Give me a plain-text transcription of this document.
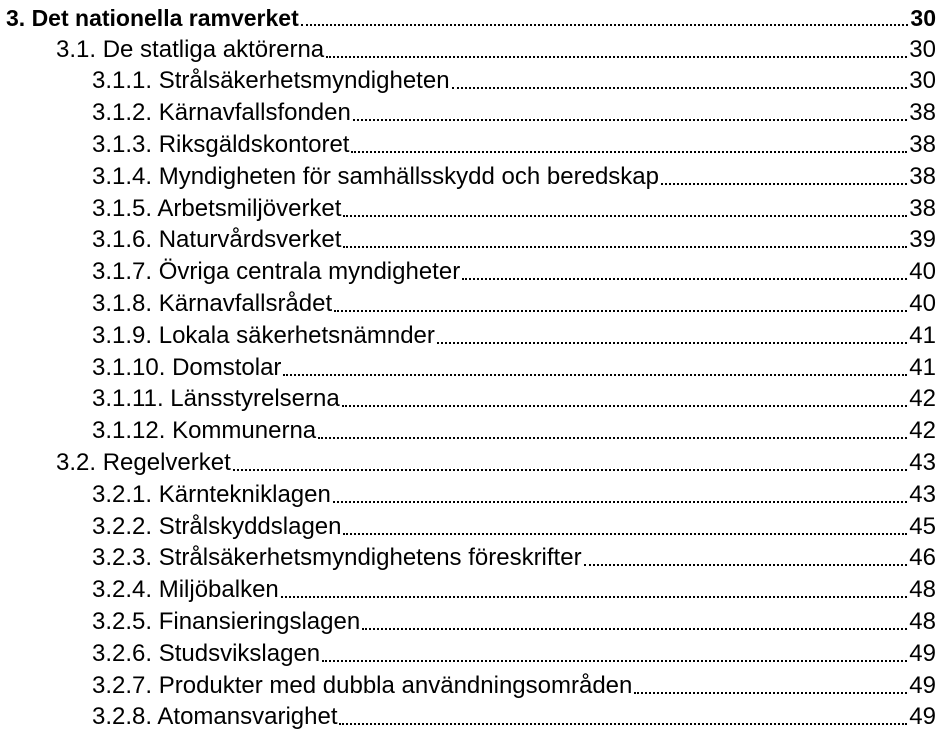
3. Det nationella ramverket	30
3.1. De statliga aktörerna	30
3.1.1. Strålsäkerhetsmyndigheten	30
3.1.2. Kärnavfallsfonden	38
3.1.3. Riksgäldskontoret	38
3.1.4. Myndigheten för samhällsskydd och beredskap	38
3.1.5. Arbetsmiljöverket	38
3.1.6. Naturvårdsverket	39
3.1.7. Övriga centrala myndigheter	40
3.1.8. Kärnavfallsrådet	40
3.1.9. Lokala säkerhetsnämnder	41
3.1.10. Domstolar	41
3.1.11. Länsstyrelserna	42
3.1.12. Kommunerna	42
3.2. Regelverket	43
3.2.1. Kärntekniklagen	43
3.2.2. Strålskyddslagen	45
3.2.3. Strålsäkerhetsmyndighetens föreskrifter	46
3.2.4. Miljöbalken	48
3.2.5. Finansieringslagen	48
3.2.6. Studsvikslagen	49
3.2.7. Produkter med dubbla användningsområden	49
3.2.8. Atomansvarighet	49
